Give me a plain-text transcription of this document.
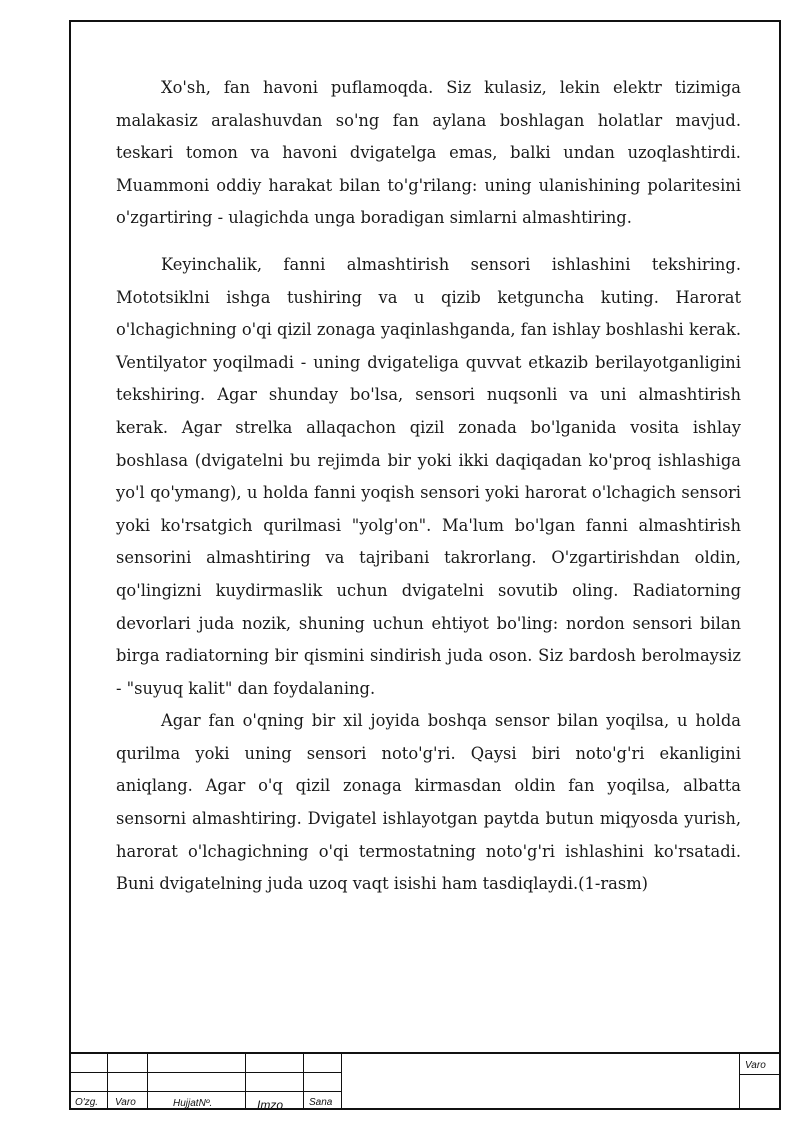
Xo'sh, fan havoni puflamoqda. Siz kulasiz, lekin elektr tizimiga malakasiz aralashuvdan so'ng fan aylana boshlagan holatlar mavjud. teskari tomon va havoni dvigatelga emas, balki undan uzoqlashtirdi. Muammoni oddiy harakat bilan to'g'rilang: uning ulanishining polaritesini o'zgartiring - ulagichda unga boradigan simlarni almashtiring.

Keyinchalik, fanni almashtirish sensori ishlashini tekshiring. Mototsiklni ishga tushiring va u qizib ketguncha kuting. Harorat o'lchagichning o'qi qizil zonaga yaqinlashganda, fan ishlay boshlashi kerak. Ventilyator yoqilmadi - uning dvigateliga quvvat etkazib berilayotganligini tekshiring. Agar shunday bo'lsa, sensori nuqsonli va uni almashtirish kerak. Agar strelka allaqachon qizil zonada bo'lganida vosita ishlay boshlasa (dvigatelni bu rejimda bir yoki ikki daqiqadan ko'proq ishlashiga yo'l qo'ymang), u holda fanni yoqish sensori yoki harorat o'lchagich sensori yoki ko'rsatgich qurilmasi "yolg'on". Ma'lum bo'lgan fanni almashtirish sensorini almashtiring va tajribani takrorlang. O'zgartirishdan oldin, qo'lingizni kuydirmaslik uchun dvigatelni sovutib oling. Radiatorning devorlari juda nozik, shuning uchun ehtiyot bo'ling: nordon sensori bilan birga radiatorning bir qismini sindirish juda oson. Siz bardosh berolmaysiz - "suyuq kalit" dan foydalaning.

Agar fan o'qning bir xil joyida boshqa sensor bilan yoqilsa, u holda qurilma yoki uning sensori noto'g'ri. Qaysi biri noto'g'ri ekanligini aniqlang. Agar o'q qizil zonaga kirmasdan oldin fan yoqilsa, albatta sensorni almashtiring. Dvigatel ishlayotgan paytda butun miqyosda yurish, harorat o'lchagichning o'qi termostatning noto'g'ri ishlashini ko'rsatadi. Buni dvigatelning juda uzoq vaqt isishi ham tasdiqlaydi.(1-rasm)

O'zg. Varo	HujjatNº.	Imzo	Sana
Varo
